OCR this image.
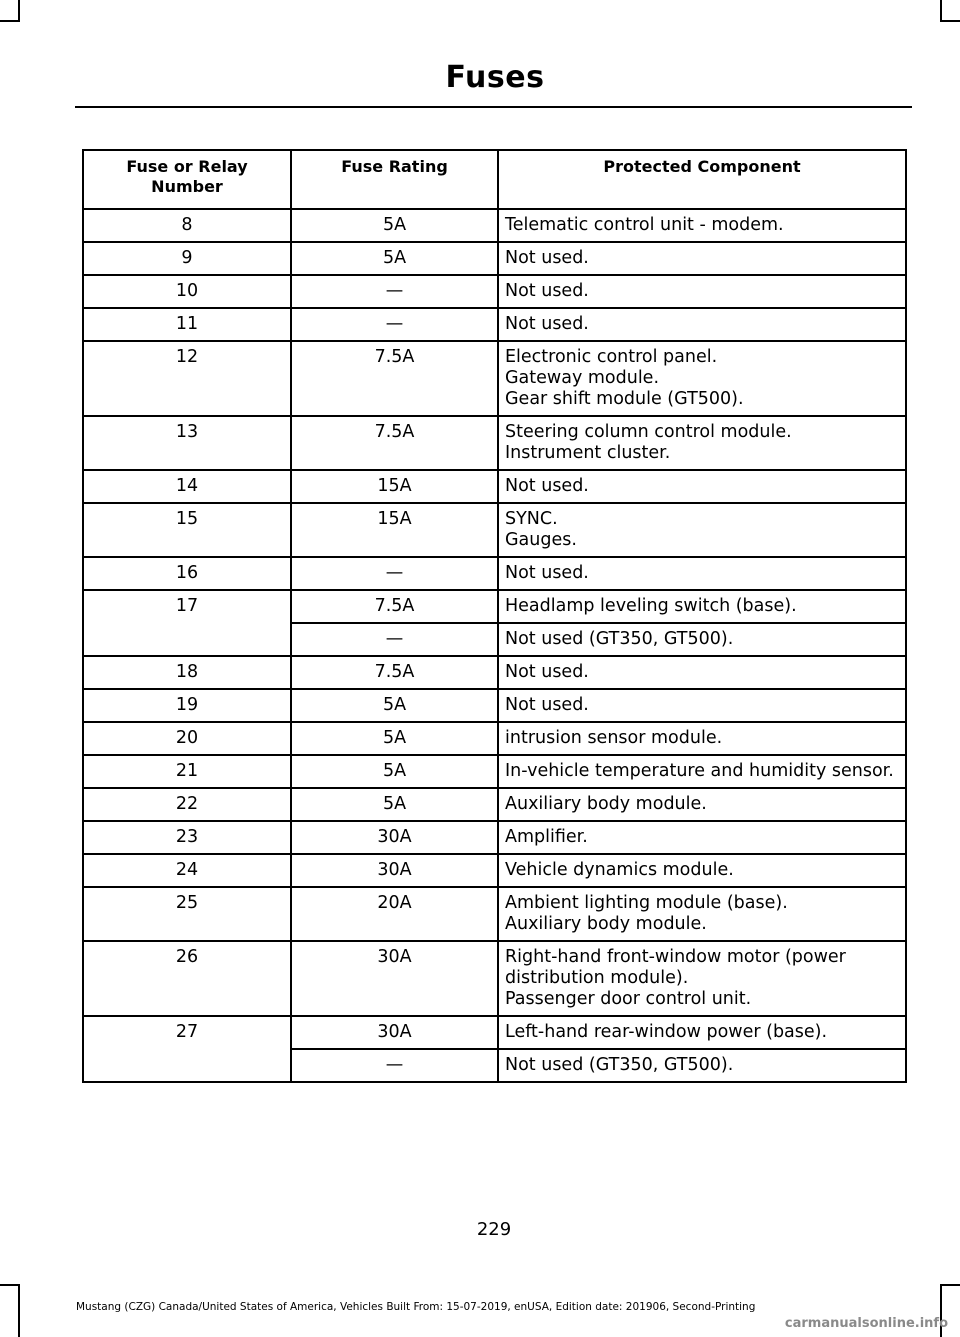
Fuses
Fuse or Relay Number	Fuse Rating	Protected Component
8	5A	Telematic control unit - modem.

9	5A	Not used.

10	—	Not used.

11	—	Not used.

12	7.5A	Electronic control panel.
Gateway module.
Gear shift module (GT500).

13	7.5A	Steering column control module.
Instrument cluster.

14	15A	Not used.

15	15A	SYNC.
Gauges.

16	—	Not used.

17	7.5A	Headlamp leveling switch (base).

	—	Not used (GT350, GT500).

18	7.5A	Not used.

19	5A	Not used.

20	5A	intrusion sensor module.

21	5A	In-vehicle temperature and humidity sensor.

22	5A	Auxiliary body module.

23	30A	Amplifier.

24	30A	Vehicle dynamics module.

25	20A	Ambient lighting module (base).
Auxiliary body module.

26	30A	Right-hand front-window motor (power distribution module).
Passenger door control unit.

27	30A	Left-hand rear-window power (base).

	—	Not used (GT350, GT500).
229
Mustang (CZG) Canada/United States of America, Vehicles Built From: 15-07-2019, enUSA, Edition date: 201906, Second-Printing
carmanualsonline.info
